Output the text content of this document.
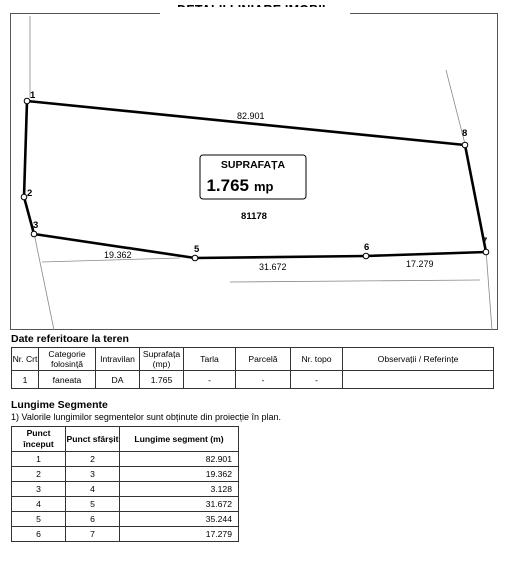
1
2
3
5	6
7
8
82.901
19.362
31.672	17.279
SUPRAFAȚA
1.765 mp
81178
Date referitoare la teren
Nr. Crt	Categorie folosință	Intravilan	Suprafața (mp)	Tarla	Parcelă	Nr. topo	Observații / Referințe
1	faneata	DA	1.765	-	-	-	
Lungime Segmente
1) Valorile lungimilor segmentelor sunt obținute din proiecție în plan.
Punct început	Punct sfârșit	Lungime segment (m)
1	2	82.901
2	3	19.362
3	4	3.128
4	5	31.672
5	6	35.244
6	7	17.279
